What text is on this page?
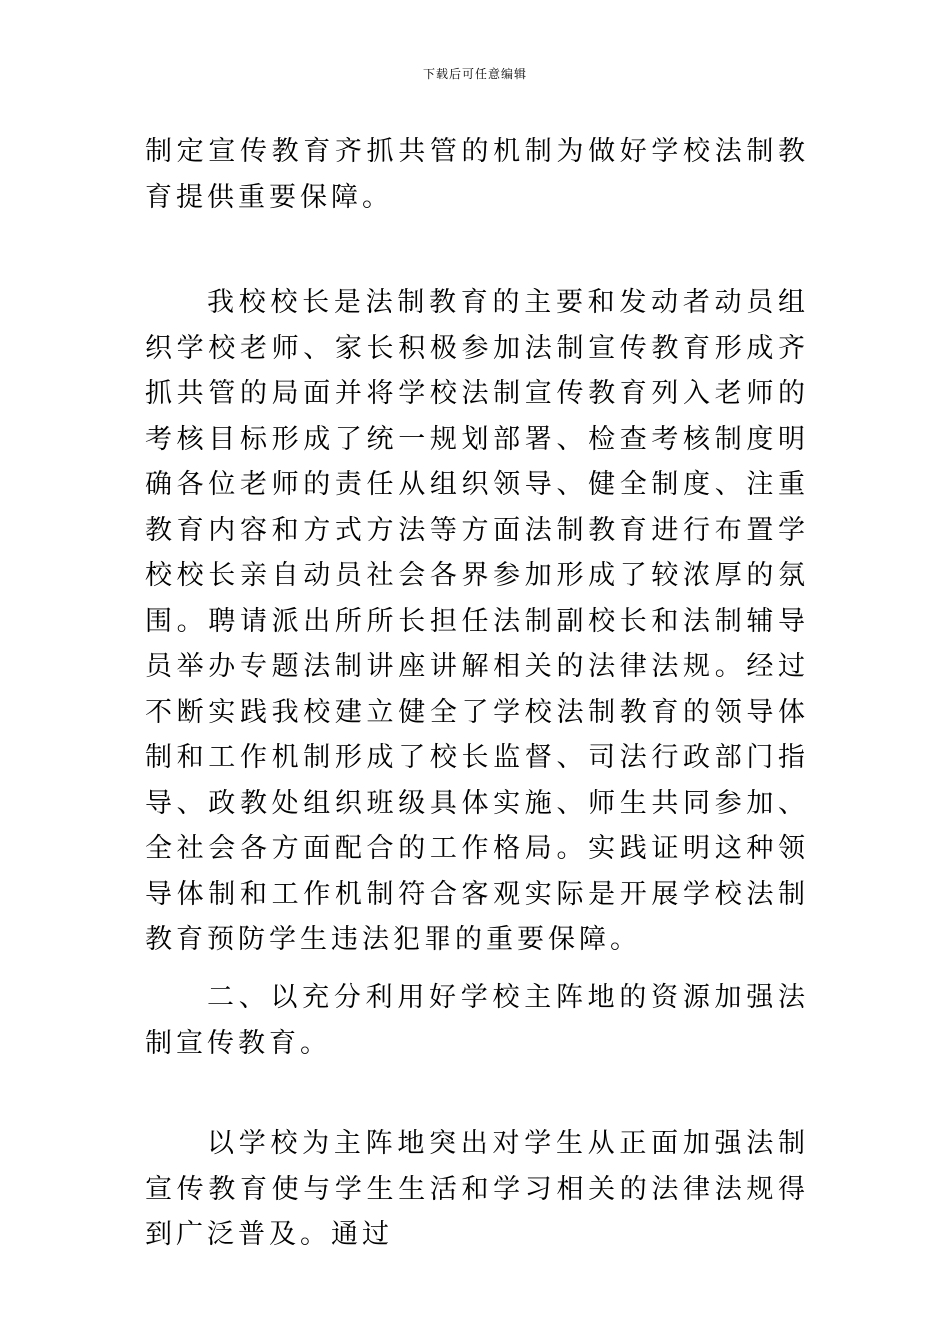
下载后可任意编辑

制定宣传教育齐抓共管的机制为做好学校法制教育提供重要保障。

我校校长是法制教育的主要和发动者动员组织学校老师、家长积极参加法制宣传教育形成齐抓共管的局面并将学校法制宣传教育列入老师的考核目标形成了统一规划部署、检查考核制度明确各位老师的责任从组织领导、健全制度、注重教育内容和方式方法等方面法制教育进行布置学校校长亲自动员社会各界参加形成了较浓厚的氛围。聘请派出所所长担任法制副校长和法制辅导员举办专题法制讲座讲解相关的法律法规。经过不断实践我校建立健全了学校法制教育的领导体制和工作机制形成了校长监督、司法行政部门指导、政教处组织班级具体实施、师生共同参加、全社会各方面配合的工作格局。实践证明这种领导体制和工作机制符合客观实际是开展学校法制教育预防学生违法犯罪的重要保障。

二、以充分利用好学校主阵地的资源加强法制宣传教育。

以学校为主阵地突出对学生从正面加强法制宣传教育使与学生生活和学习相关的法律法规得到广泛普及。通过
